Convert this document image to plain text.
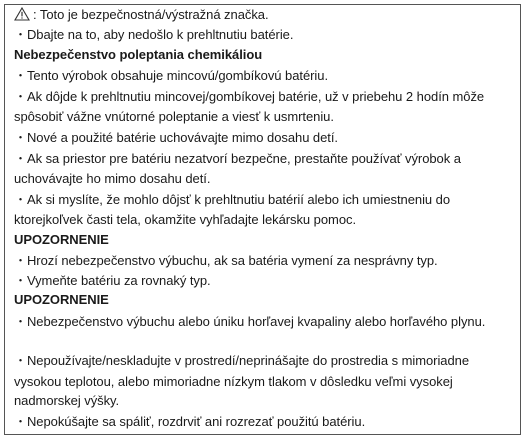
: Toto je bezpečnostná/výstražná značka.
・Dbajte na to, aby nedošlo k prehltnutiu batérie.
Nebezpečenstvo poleptania chemikáliou
・Tento výrobok obsahuje mincovú/gombíkovú batériu.
・Ak dôjde k prehltnutiu mincovej/gombíkovej batérie, už v priebehu 2 hodín môže
spôsobiť vážne vnútorné poleptanie a viesť k usmrteniu.
・Nové a použité batérie uchovávajte mimo dosahu detí.
・Ak sa priestor pre batériu nezatvorí bezpečne, prestaňte používať výrobok a
uchovávajte ho mimo dosahu detí.
・Ak si myslíte, že mohlo dôjsť k prehltnutiu batérií alebo ich umiestneniu do
ktorejkoľvek časti tela, okamžite vyhľadajte lekársku pomoc.
UPOZORNENIE
・Hrozí nebezpečenstvo výbuchu, ak sa batéria vymení za nesprávny typ.
・Vymeňte batériu za rovnaký typ.
UPOZORNENIE
・Nebezpečenstvo výbuchu alebo úniku horľavej kvapaliny alebo horľavého plynu.
・Nepoužívajte/neskladujte v prostredí/neprinášajte do prostredia s mimoriadne
vysokou teplotou, alebo mimoriadne nízkym tlakom v dôsledku veľmi vysokej
nadmorskej výšky.
・Nepokúšajte sa spáliť, rozdrviť ani rozrezať použitú batériu.
